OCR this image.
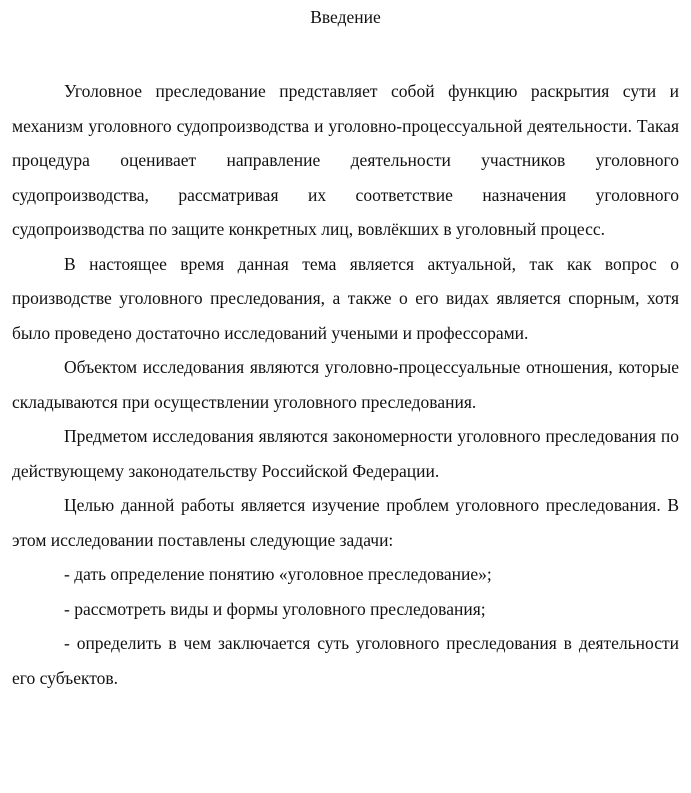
Введение

Уголовное преследование представляет собой функцию раскрытия сути и механизм уголовного судопроизводства и уголовно-процессуальной деятельности. Такая процедура оценивает направление деятельности участников уголовного судопроизводства, рассматривая их соответствие назначения уголовного судопроизводства по защите конкретных лиц, вовлёкших в уголовный процесс.

В настоящее время данная тема является актуальной, так как вопрос о производстве уголовного преследования, а также о его видах является спорным, хотя было проведено достаточно исследований учеными и профессорами.

Объектом исследования являются уголовно-процессуальные отношения, которые складываются при осуществлении уголовного преследования.

Предметом исследования являются закономерности уголовного преследования по действующему законодательству Российской Федерации.

Целью данной работы является изучение проблем уголовного преследования. В этом исследовании поставлены следующие задачи:

- дать определение понятию «уголовное преследование»;

- рассмотреть виды и формы уголовного преследования;

- определить в чем заключается суть уголовного преследования в деятельности его субъектов.
